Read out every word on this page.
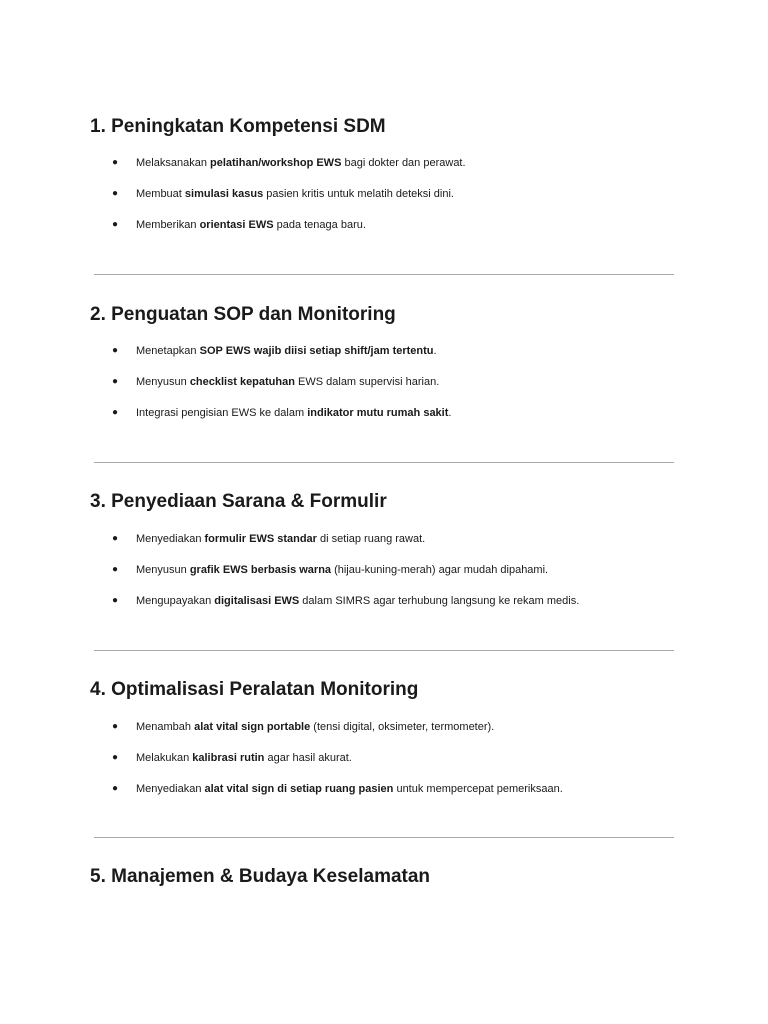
1. Peningkatan Kompetensi SDM
●	Melaksanakan pelatihan/workshop EWS bagi dokter dan perawat.
●	Membuat simulasi kasus pasien kritis untuk melatih deteksi dini.
●	Memberikan orientasi EWS pada tenaga baru.
2. Penguatan SOP dan Monitoring
●	Menetapkan SOP EWS wajib diisi setiap shift/jam tertentu.
●	Menyusun checklist kepatuhan EWS dalam supervisi harian.
●	Integrasi pengisian EWS ke dalam indikator mutu rumah sakit.
3. Penyediaan Sarana & Formulir
●	Menyediakan formulir EWS standar di setiap ruang rawat.
●	Menyusun grafik EWS berbasis warna (hijau-kuning-merah) agar mudah dipahami.
●	Mengupayakan digitalisasi EWS dalam SIMRS agar terhubung langsung ke rekam medis.
4. Optimalisasi Peralatan Monitoring
●	Menambah alat vital sign portable (tensi digital, oksimeter, termometer).
●	Melakukan kalibrasi rutin agar hasil akurat.
●	Menyediakan alat vital sign di setiap ruang pasien untuk mempercepat pemeriksaan.
5. Manajemen & Budaya Keselamatan
